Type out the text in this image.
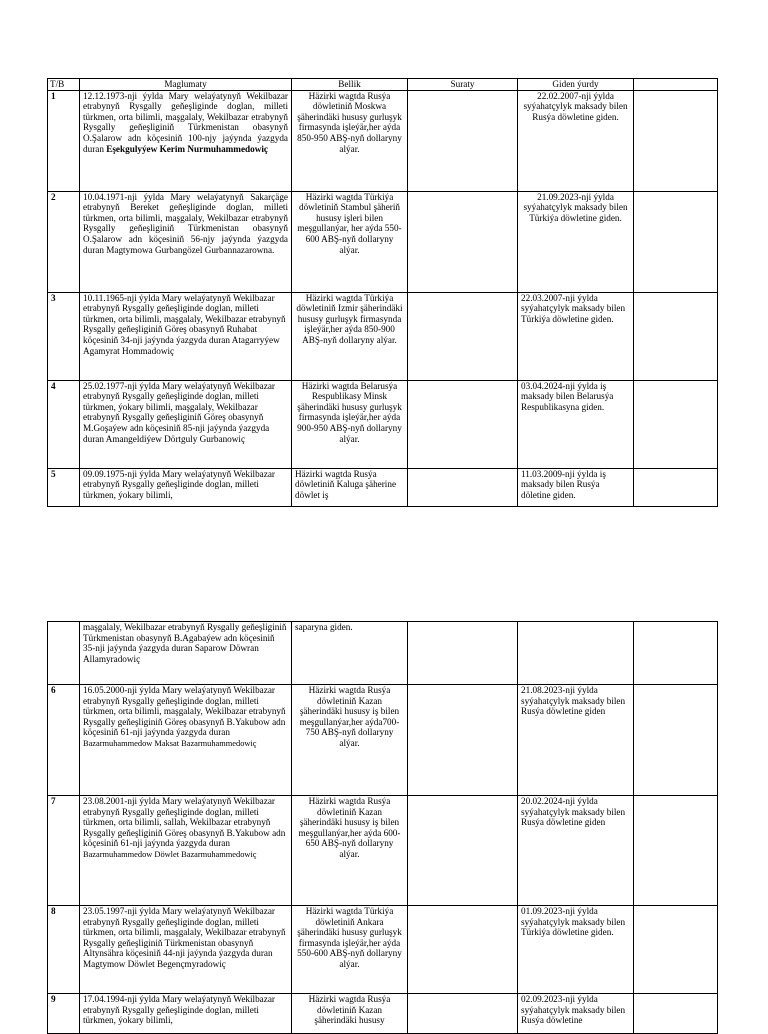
T/B	Maglumaty	Bellik	Suraty	Giden ýurdy	
1	12.12.1973-nji ýylda Mary welaýatynyň Wekilbazar etrabynyň Rysgally geňeşliginde doglan, milleti türkmen, orta bilimli, maşgalaly, Wekilbazar etrabynyň Rysgally geňeşliginiň Türkmenistan obasynyň O.Şalarow adn köçesiniň 100-njy jaýynda ýazgyda duran Eşekgulyýew Kerim Nurmuhammedowiç	Häzirki wagtda Rusýa döwletiniň Moskwa şäherindäki hususy gurluşyk firmasynda işleýär,her aýda 850-950 ABŞ-nyň dollaryny alýar.		22.02.2007-nji ýylda syýahatçylyk maksady bilen Rusýa döwletine giden.	
2	10.04.1971-nji ýylda Mary welaýatynyň Sakarçäge etrabynyň Bereket geňeşliginde doglan, milleti türkmen, orta bilimli, maşgalaly, Wekilbazar etrabynyň Rysgally geňeşliginiň Türkmenistan obasynyň O.Şalarow adn köçesiniň 56-njy jaýynda ýazgyda duran Magtymowa Gurbangözel Gurbannazarowna.	Häzirki wagtda Türkiýa döwletiniň Stambul şäheriň hususy işleri bilen meşgullanýar, her aýda 550-600 ABŞ-nyň dollaryny alýar.		21.09.2023-nji ýylda syýahatçylyk maksady bilen Türkiýa döwletine giden.	
3	10.11.1965-nji ýylda Mary welaýatynyň Wekilbazar etrabynyň Rysgally geňeşliginde doglan, milleti türkmen, orta bilimli, maşgalaly, Wekilbazar etrabynyň Rysgally geňeşliginiň Göreş obasynyň Ruhabat köçesiniň 34-nji jaýynda ýazgyda duran Atagarryýew Agamyrat Hommadowiç	Häzirki wagtda Türkiýa döwletiniň Izmir şäherindäki hususy gurluşyk firmasynda işleýär,her aýda 850-900 ABŞ-nyň dollaryny alýar.		22.03.2007-nji ýylda syýahatçylyk maksady bilen Türkiýa döwletine giden.	
4	25.02.1977-nji ýylda Mary welaýatynyň Wekilbazar etrabynyň Rysgally geňeşliginde doglan, milleti türkmen, ýokary bilimli, maşgalaly, Wekilbazar etrabynyň Rysgally geňeşliginiň Göreş obasynyň M.Goşaýew adn köçesiniň 85-nji jaýynda ýazgyda duran Amangeldiýew Dörtguly Gurbanowiç	Häzirki wagtda Belarusýa Respublikasy Minsk şäherindäki hususy gurluşyk firmasynda işleýär,her aýda 900-950 ABŞ-nyň dollaryny alýar.		03.04.2024-nji ýylda iş maksady bilen Belarusýa Respublikasyna giden.	
5	09.09.1975-nji ýylda Mary welaýatynyň Wekilbazar etrabynyň Rysgally geňeşliginde doglan, milleti türkmen, ýokary bilimli,	Häzirki wagtda Rusýa döwletiniň Kaluga şäherine döwlet iş		11.03.2009-nji ýylda iş maksady bilen Rusýa döletine giden.	
	maşgalaly, Wekilbazar etrabynyň Rysgally geňeşliginiň Türkmenistan obasynyň B.Agabaýew adn köçesiniň 35-nji jaýynda ýazgyda duran Saparow Döwran Allamyradowiç	saparyna giden.			
6	16.05.2000-nji ýylda Mary welaýatynyň Wekilbazar etrabynyň Rysgally geňeşliginde doglan, milleti türkmen, orta bilimli, maşgalaly, Wekilbazar etrabynyň Rysgally geňeşliginiň Göreş obasynyň B.Yakubow adn köçesiniň 61-nji jaýynda ýazgyda duran
Bazarmuhammedow Maksat Bazarmuhammedowiç	Häzirki wagtda Rusýa döwletiniň Kazan şäherindäki hususy iş bilen meşgullanýar,her aýda700-750 ABŞ-nyň dollaryny alýar.		21.08.2023-nji ýylda syýahatçylyk maksady bilen Rusýa döwletine giden	
7	23.08.2001-nji ýylda Mary welaýatynyň Wekilbazar etrabynyň Rysgally geňeşliginde doglan, milleti türkmen, orta bilimli, sallah, Wekilbazar etrabynyň Rysgally geňeşliginiň Göreş obasynyň B.Yakubow adn köçesiniň 61-nji jaýynda ýazgyda duran
Bazarmuhammedow Döwlet Bazarmuhammedowiç	Häzirki wagtda Rusýa döwletiniň Kazan şäherindäki hususy iş bilen meşgullanýar,her aýda 600-650 ABŞ-nyň dollaryny alýar.		20.02.2024-nji ýylda syýahatçylyk maksady bilen Rusýa döwletine giden	
8	23.05.1997-nji ýylda Mary welaýatynyň Wekilbazar etrabynyň Rysgally geňeşliginde doglan, milleti türkmen, orta bilimli, maşgalaly, Wekilbazar etrabynyň Rysgally geňeşliginiň Türkmenistan obasynyň Altynsähra köçesiniň 44-nji jaýynda ýazgyda duran Magtymow Döwlet Begençmyradowiç	Häzirki wagtda Türkiýa döwletiniň Ankara şäherindäki hususy gurluşyk firmasynda işleýär,her aýda 550-600 ABŞ-nyň dollaryny alýar.		01.09.2023-nji ýylda syýahatçylyk maksady bilen Türkiýa döwletine giden.	
9	17.04.1994-nji ýylda Mary welaýatynyň Wekilbazar etrabynyň Rysgally geňeşliginde doglan, milleti türkmen, ýokary bilimli,	Häzirki wagtda Rusýa döwletiniň Kazan şäherindäki hususy		02.09.2023-nji ýylda syýahatçylyk maksady bilen Rusýa döwletine	
